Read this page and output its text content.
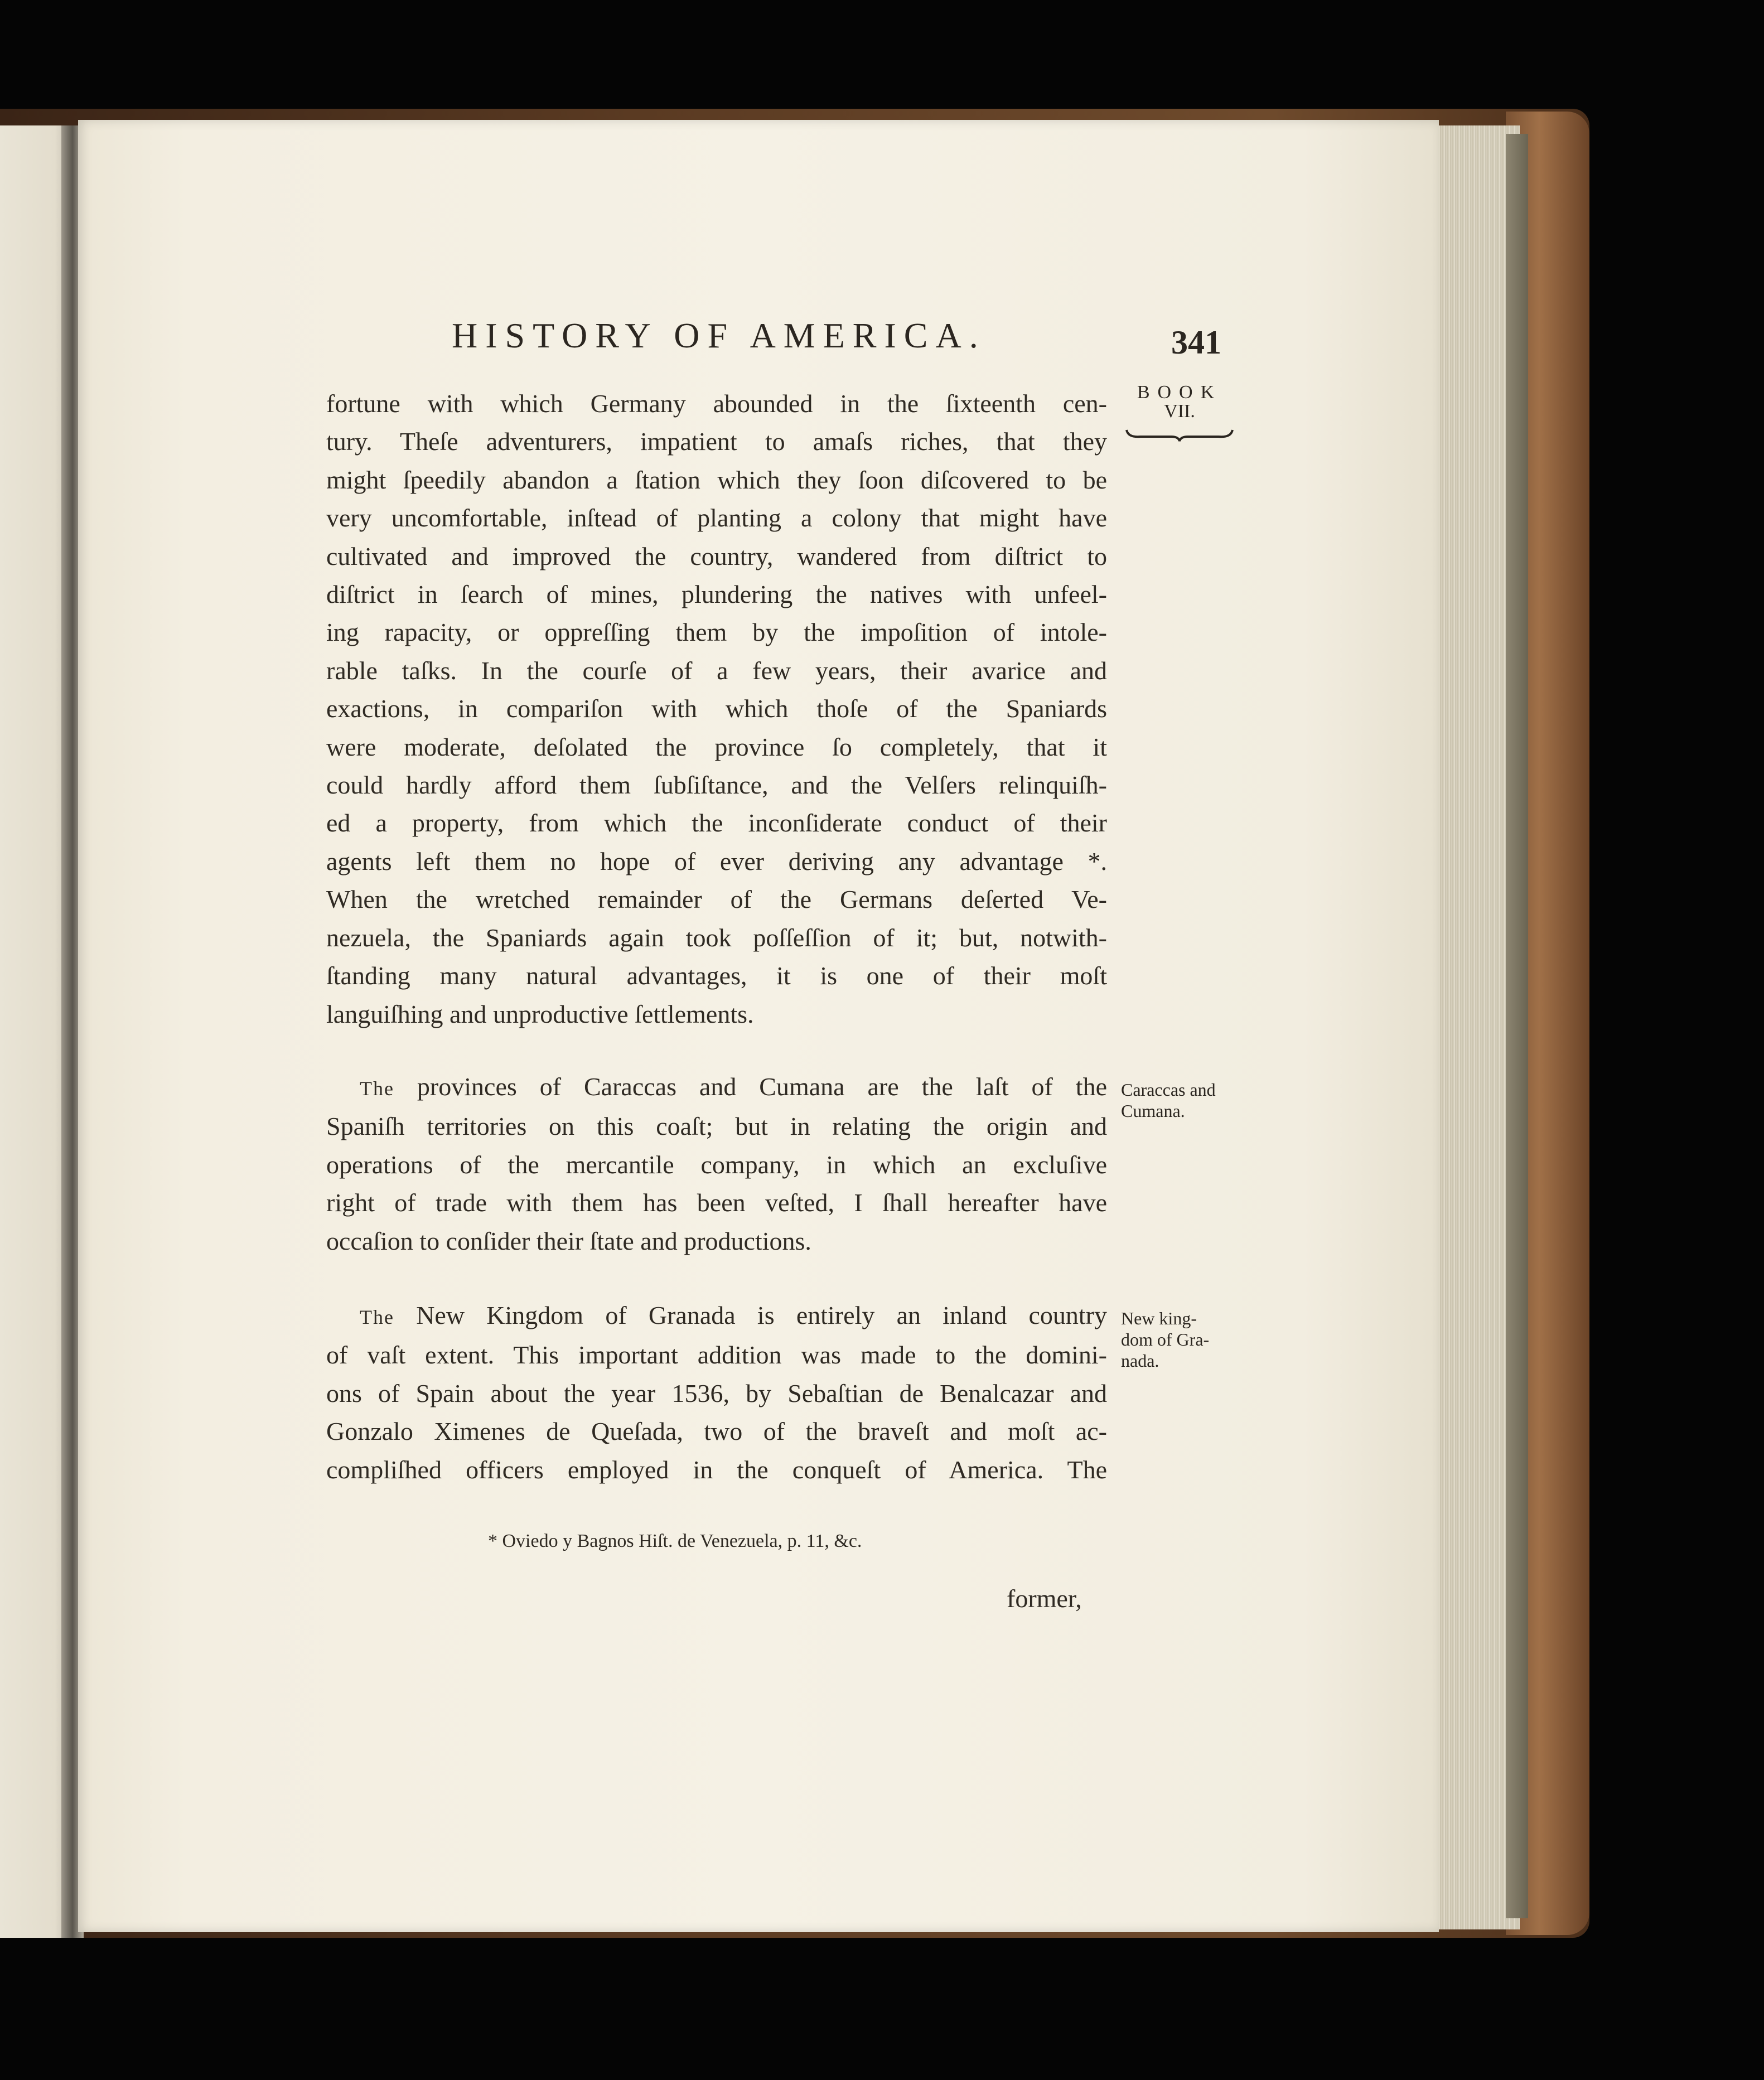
HISTORY OF AMERICA.	341
BOOK
VII.
fortune with which Germany abounded in the ſixteenth cen-
tury. Theſe adventurers, impatient to amaſs riches, that they
might ſpeedily abandon a ſtation which they ſoon diſcovered to be
very uncomfortable, inſtead of planting a colony that might have
cultivated and improved the country, wandered from diſtrict to
diſtrict in ſearch of mines, plundering the natives with unfeel-
ing rapacity, or oppreſſing them by the impoſition of intole-
rable taſks. In the courſe of a few years, their avarice and
exactions, in compariſon with which thoſe of the Spaniards
were moderate, deſolated the province ſo completely, that it
could hardly afford them ſubſiſtance, and the Velſers relinquiſh-
ed a property, from which the inconſiderate conduct of their
agents left them no hope of ever deriving any advantage *.
When the wretched remainder of the Germans deſerted Ve-
nezuela, the Spaniards again took poſſeſſion of it; but, notwith-
ſtanding many natural advantages, it is one of their moſt
languiſhing and unproductive ſettlements.
The provinces of Caraccas and Cumana are the laſt of the
Spaniſh territories on this coaſt; but in relating the origin and
operations of the mercantile company, in which an excluſive
right of trade with them has been veſted, I ſhall hereafter have
occaſion to conſider their ſtate and productions.
The New Kingdom of Granada is entirely an inland country
of vaſt extent. This important addition was made to the domini-
ons of Spain about the year 1536, by Sebaſtian de Benalcazar and
Gonzalo Ximenes de Queſada, two of the braveſt and moſt ac-
compliſhed officers employed in the conqueſt of America. The
Caraccas and
Cumana.
New king-
dom of Gra-
nada.
* Oviedo y Bagnos Hiſt. de Venezuela, p. 11, &c.
former,
